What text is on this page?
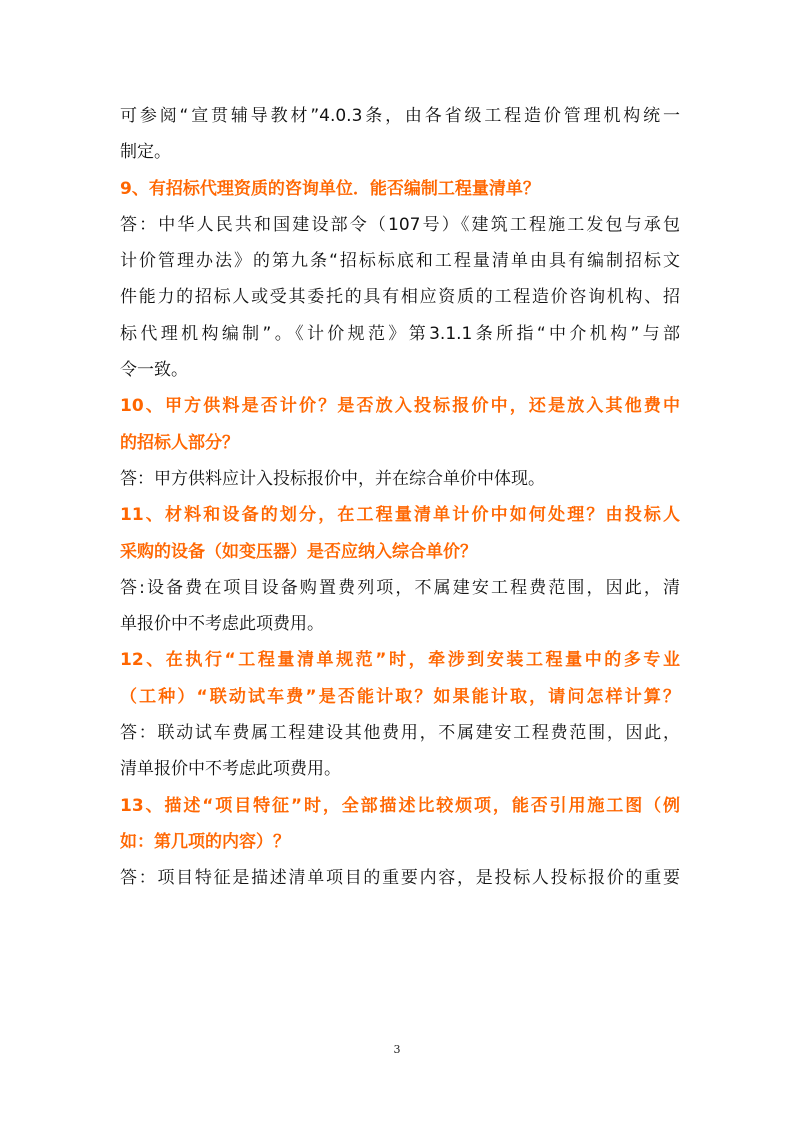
可参阅“宣贯辅导教材”4.0.3条，由各省级工程造价管理机构统一
制定。
9、有招标代理资质的咨询单位．能否编制工程量清单？
答：中华人民共和国建设部令（107号）《建筑工程施工发包与承包
计价管理办法》的第九条“招标标底和工程量清单由具有编制招标文
件能力的招标人或受其委托的具有相应资质的工程造价咨询机构、招
标代理机构编制”。《计价规范》第3.1.1条所指“中介机构”与部
令一致。
10、甲方供料是否计价？是否放入投标报价中，还是放入其他费中
的招标人部分？
答：甲方供料应计入投标报价中，并在综合单价中体现。
11、材料和设备的划分，在工程量清单计价中如何处理？由投标人
采购的设备（如变压器）是否应纳入综合单价？
答:设备费在项目设备购置费列项，不属建安工程费范围，因此，清
单报价中不考虑此项费用。
12、在执行“工程量清单规范”时，牵涉到安装工程量中的多专业
（工种）“联动试车费”是否能计取？如果能计取，请问怎样计算？
答：联动试车费属工程建设其他费用，不属建安工程费范围，因此，
清单报价中不考虑此项费用。
13、描述“项目特征”时，全部描述比较烦项，能否引用施工图（例
如：第几项的内容）？
答：项目特征是描述清单项目的重要内容，是投标人投标报价的重要
3
